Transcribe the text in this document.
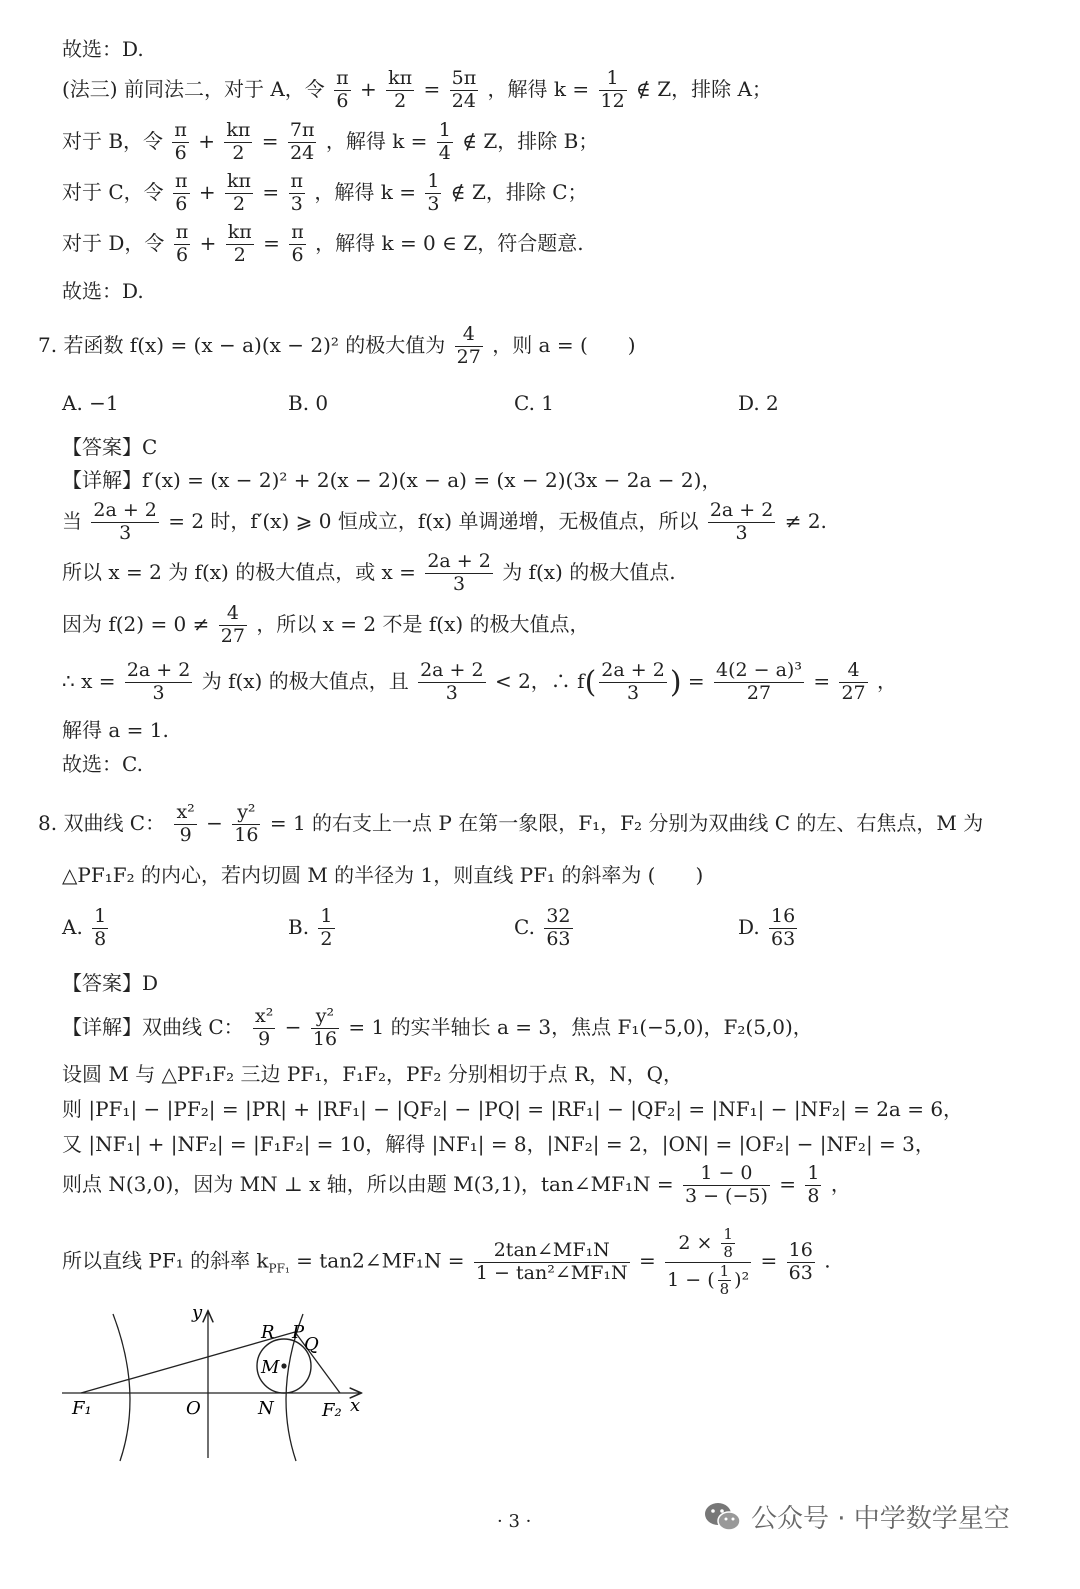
故选：D.
(法三) 前同法二，对于 A，令 $\frac{\pi}{6} + \frac{k\pi}{2} = \frac{5\pi}{24}$ ，解得 $k = \frac{1}{12}$ ∉ Z，排除 A；
对于 B，令 $\frac{\pi}{6} + \frac{k\pi}{2} = \frac{7\pi}{24}$ ，解得 $k = \frac{1}{4}$ ∉ Z，排除 B；
对于 C，令 $\frac{\pi}{6} + \frac{k\pi}{2} = \frac{\pi}{3}$ ，解得 $k = \frac{1}{3}$ ∉ Z，排除 C；
对于 D，令 $\frac{\pi}{6} + \frac{k\pi}{2} = \frac{\pi}{6}$ ，解得 k = 0 ∈ Z，符合题意.
故选：D.
7. 若函数 f(x) = (x − a)(x − 2)² 的极大值为 $\frac{4}{27}$ ，则 a = (　　)
A. −1	B. 0	C. 1	D. 2
【答案】C
【详解】f′(x) = (x − 2)² + 2(x − 2)(x − a) = (x − 2)(3x − 2a − 2)，
当 $\frac{2a + 2}{3} = 2$ 时，f′(x) ⩾ 0 恒成立，f(x) 单调递增，无极值点，所以 $\frac{2a + 2}{3} \ne 2$.
所以 x = 2 为 f(x) 的极大值点，或 $x = \frac{2a + 2}{3}$ 为 f(x) 的极大值点.
因为 $f(2) = 0 \ne \frac{4}{27}$ ，所以 x = 2 不是 f(x) 的极大值点，
∴ $x = \frac{2a + 2}{3}$ 为 f(x) 的极大值点，且 $\frac{2a + 2}{3} < 2$，∴ $f( \frac{2a + 2}{3}$ ) = $\frac{\text{4(2 − a)³}}{27} = \frac{4}{27}$ ，
解得 a = 1.
故选：C.
8. 双曲线 C： $\frac{\text{x²}}{9} - \frac{\text{y²}}{16} = 1$ 的右支上一点 P 在第一象限，F₁，F₂ 分别为双曲线 C 的左、右焦点，M 为
△PF₁F₂ 的内心，若内切圆 M 的半径为 1，则直线 PF₁ 的斜率为 (　　)
A. $\frac{1}{8}$	B. $\frac{1}{2}$	C. $\frac{32}{63}$	D. $\frac{16}{63}$
【答案】D
【详解】双曲线 C： $\frac{\text{x²}}{9} - \frac{\text{y²}}{16} = 1$ 的实半轴长 a = 3，焦点 F₁(−5,0)，F₂(5,0)，
设圆 M 与 △PF₁F₂ 三边 PF₁，F₁F₂，PF₂ 分别相切于点 R，N，Q，
则 |PF₁| − |PF₂| = |PR| + |RF₁| − |QF₂| − |PQ| = |RF₁| − |QF₂| = |NF₁| − |NF₂| = 2a = 6，
又 |NF₁| + |NF₂| = |F₁F₂| = 10，解得 |NF₁| = 8，|NF₂| = 2，|ON| = |OF₂| − |NF₂| = 3，
则点 N(3,0)，因为 MN ⊥ x 轴，所以由题 M(3,1)，tan∠MF₁N = $\frac{1 - 0}{3 - (-5)} = \frac{1}{8}$ ，
所以直线 PF₁ 的斜率 $k_{PF_1}$ = tan2∠MF₁N = $\frac{\text{2tan∠MF₁N}}{\text{1 − tan²∠MF₁N}} = \frac{2 \times \frac{1}{8}}{1 - ( \frac{1}{8} )^2} = \frac{16}{63}$ .
y
x
O
F₁	F₂
N
M
R P
Q
· 3 ·	公众号 · 中学数学星空
